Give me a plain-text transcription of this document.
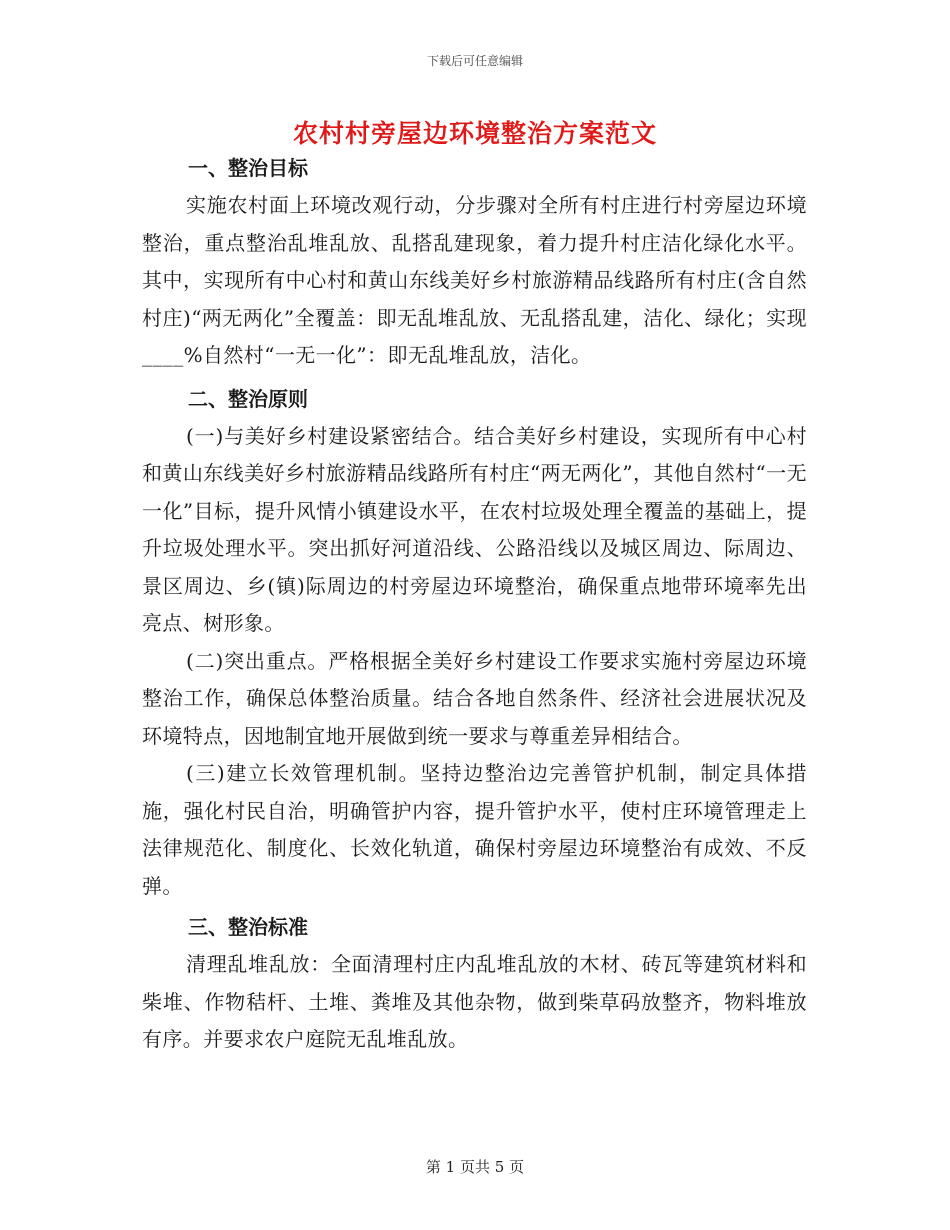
下载后可任意编辑
农村村旁屋边环境整治方案范文
一、整治目标

实施农村面上环境改观行动，分步骤对全所有村庄进行村旁屋边环境整治，重点整治乱堆乱放、乱搭乱建现象，着力提升村庄洁化绿化水平。其中，实现所有中心村和黄山东线美好乡村旅游精品线路所有村庄(含自然村庄)“两无两化”全覆盖：即无乱堆乱放、无乱搭乱建，洁化、绿化；实现____%自然村“一无一化”：即无乱堆乱放，洁化。

二、整治原则

(一)与美好乡村建设紧密结合。结合美好乡村建设，实现所有中心村和黄山东线美好乡村旅游精品线路所有村庄“两无两化”，其他自然村“一无一化”目标，提升风情小镇建设水平，在农村垃圾处理全覆盖的基础上，提升垃圾处理水平。突出抓好河道沿线、公路沿线以及城区周边、际周边、景区周边、乡(镇)际周边的村旁屋边环境整治，确保重点地带环境率先出亮点、树形象。

(二)突出重点。严格根据全美好乡村建设工作要求实施村旁屋边环境整治工作，确保总体整治质量。结合各地自然条件、经济社会进展状况及环境特点，因地制宜地开展做到统一要求与尊重差异相结合。

(三)建立长效管理机制。坚持边整治边完善管护机制，制定具体措施，强化村民自治，明确管护内容，提升管护水平，使村庄环境管理走上法律规范化、制度化、长效化轨道，确保村旁屋边环境整治有成效、不反弹。

三、整治标准

清理乱堆乱放：全面清理村庄内乱堆乱放的木材、砖瓦等建筑材料和柴堆、作物秸杆、土堆、粪堆及其他杂物，做到柴草码放整齐，物料堆放有序。并要求农户庭院无乱堆乱放。

第 1 页共 5 页
